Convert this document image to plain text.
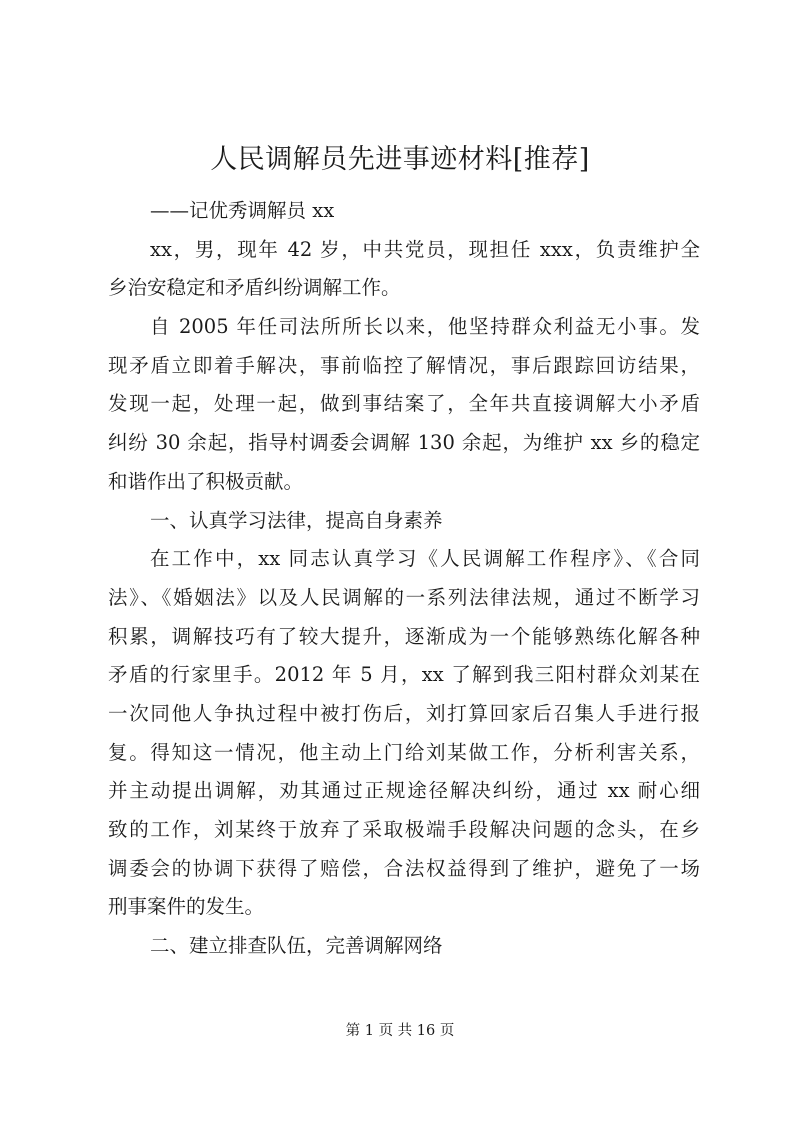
人民调解员先进事迹材料[推荐]
——记优秀调解员 xx
xx，男，现年 42 岁，中共党员，现担任 xxx，负责维护全
乡治安稳定和矛盾纠纷调解工作。
自 2005 年任司法所所长以来，他坚持群众利益无小事。发
现矛盾立即着手解决，事前临控了解情况，事后跟踪回访结果，
发现一起，处理一起，做到事结案了，全年共直接调解大小矛盾
纠纷 30 余起，指导村调委会调解 130 余起，为维护 xx 乡的稳定
和谐作出了积极贡献。
一、认真学习法律，提高自身素养
在工作中，xx 同志认真学习《人民调解工作程序》、《合同
法》、《婚姻法》以及人民调解的一系列法律法规，通过不断学习
积累，调解技巧有了较大提升，逐渐成为一个能够熟练化解各种
矛盾的行家里手。2012 年 5 月，xx 了解到我三阳村群众刘某在
一次同他人争执过程中被打伤后，刘打算回家后召集人手进行报
复。得知这一情况，他主动上门给刘某做工作，分析利害关系，
并主动提出调解，劝其通过正规途径解决纠纷，通过 xx 耐心细
致的工作，刘某终于放弃了采取极端手段解决问题的念头，在乡
调委会的协调下获得了赔偿，合法权益得到了维护，避免了一场
刑事案件的发生。
二、建立排查队伍，完善调解网络
第 1 页 共 16 页
